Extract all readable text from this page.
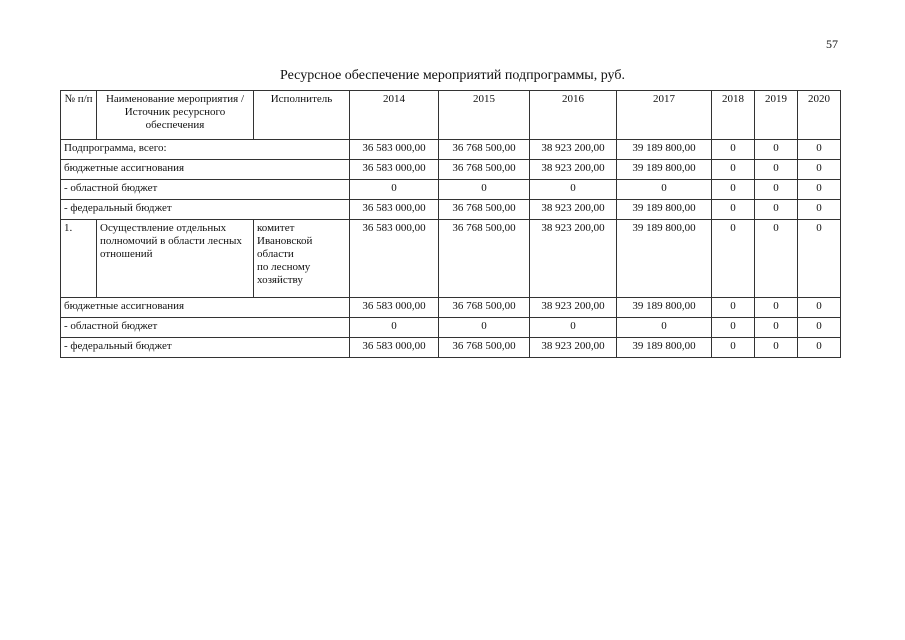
57
Ресурсное обеспечение мероприятий подпрограммы, руб.
№ п/п	Наименование мероприятия / Источник ресурсного обеспечения	Исполнитель	2014	2015	2016	2017	2018	2019	2020
Подпрограмма, всего:			36 583 000,00	36 768 500,00	38 923 200,00	39 189 800,00	0	0	0
бюджетные ассигнования			36 583 000,00	36 768 500,00	38 923 200,00	39 189 800,00	0	0	0
- областной бюджет			0	0	0	0	0	0	0
- федеральный бюджет			36 583 000,00	36 768 500,00	38 923 200,00	39 189 800,00	0	0	0
1.	Осуществление отдельных полномочий в области лесных отношений	комитет
Ивановской
области
по лесному
хозяйству	36 583 000,00	36 768 500,00	38 923 200,00	39 189 800,00	0	0	0
бюджетные ассигнования			36 583 000,00	36 768 500,00	38 923 200,00	39 189 800,00	0	0	0
- областной бюджет			0	0	0	0	0	0	0
- федеральный бюджет			36 583 000,00	36 768 500,00	38 923 200,00	39 189 800,00	0	0	0
